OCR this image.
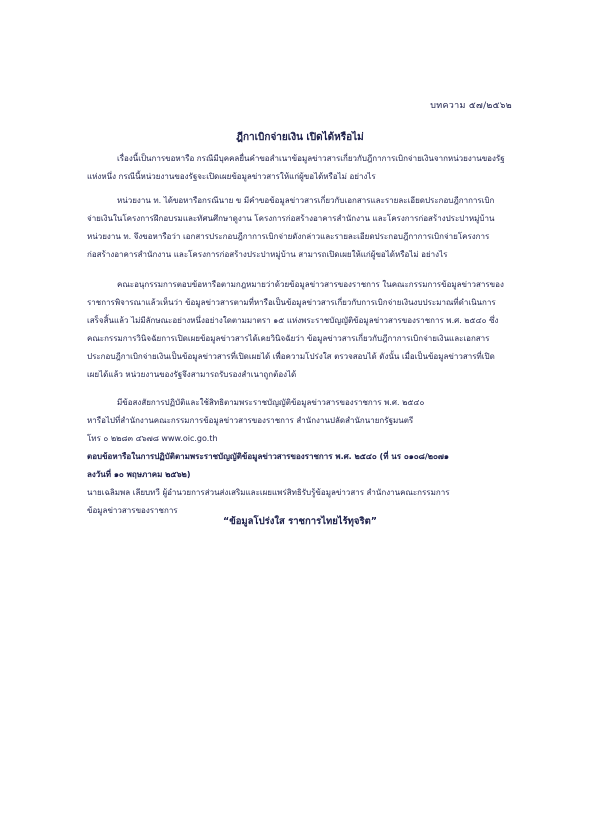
บทความ ๕๗/๒๕๖๒
ฎีกาเบิกจ่ายเงิน เปิดได้หรือไม่

เรื่องนี้เป็นการขอหารือ กรณีมีบุคคลยื่นคำขอสำเนาข้อมูลข่าวสารเกี่ยวกับฎีกาการเบิกจ่ายเงินจากหน่วยงานของรัฐแห่งหนึ่ง กรณีนี้หน่วยงานของรัฐจะเปิดเผยข้อมูลข่าวสารให้แก่ผู้ขอได้หรือไม่ อย่างไร

หน่วยงาน ท. ได้ขอหารือกรณีนาย ข มีคำขอข้อมูลข่าวสารเกี่ยวกับเอกสารและรายละเอียดประกอบฎีกาการเบิกจ่ายเงินในโครงการฝึกอบรมและทัศนศึกษาดูงาน โครงการก่อสร้างอาคารสำนักงาน และโครงการก่อสร้างประปาหมู่บ้าน หน่วยงาน ท. จึงขอหารือว่า เอกสารประกอบฎีกาการเบิกจ่ายดังกล่าวและรายละเอียดประกอบฎีกาการเบิกจ่ายโครงการก่อสร้างอาคารสำนักงาน และโครงการก่อสร้างประปาหมู่บ้าน สามารถเปิดเผยให้แก่ผู้ขอได้หรือไม่ อย่างไร

คณะอนุกรรมการตอบข้อหารือตามกฎหมายว่าด้วยข้อมูลข่าวสารของราชการ ในคณะกรรมการข้อมูลข่าวสารของราชการพิจารณาแล้วเห็นว่า ข้อมูลข่าวสารตามที่หารือเป็นข้อมูลข่าวสารเกี่ยวกับการเบิกจ่ายเงินงบประมาณที่ดำเนินการเสร็จสิ้นแล้ว ไม่มีลักษณะอย่างหนึ่งอย่างใดตามมาตรา ๑๕ แห่งพระราชบัญญัติข้อมูลข่าวสารของราชการ พ.ศ. ๒๕๔๐ ซึ่งคณะกรรมการวินิจฉัยการเปิดเผยข้อมูลข่าวสารได้เคยวินิจฉัยว่า ข้อมูลข่าวสารเกี่ยวกับฎีกาการเบิกจ่ายเงินและเอกสารประกอบฎีกาเบิกจ่ายเงินเป็นข้อมูลข่าวสารที่เปิดเผยได้ เพื่อความโปร่งใส ตรวจสอบได้ ดังนั้น เมื่อเป็นข้อมูลข่าวสารที่เปิดเผยได้แล้ว หน่วยงานของรัฐจึงสามารถรับรองสำเนาถูกต้องได้

มีข้อสงสัยการปฏิบัติและใช้สิทธิตามพระราชบัญญัติข้อมูลข่าวสารของราชการ พ.ศ. ๒๕๔๐

หารือไปที่สำนักงานคณะกรรมการข้อมูลข่าวสารของราชการ สำนักงานปลัดสำนักนายกรัฐมนตรี

โทร ๐ ๒๒๘๓ ๔๖๗๘ www.oic.go.th

ตอบข้อหารือในการปฏิบัติตามพระราชบัญญัติข้อมูลข่าวสารของราชการ พ.ศ. ๒๕๔๐ (ที่ นร ๐๑๐๘/๒๐๗๑

ลงวันที่ ๑๐ พฤษภาคม ๒๕๖๒)

นายเฉลิมพล เลียบทวี ผู้อำนวยการส่วนส่งเสริมและเผยแพร่สิทธิรับรู้ข้อมูลข่าวสาร สำนักงานคณะกรรมการ

ข้อมูลข่าวสารของราชการ

“ข้อมูลโปร่งใส ราชการไทยไร้ทุจริต”
